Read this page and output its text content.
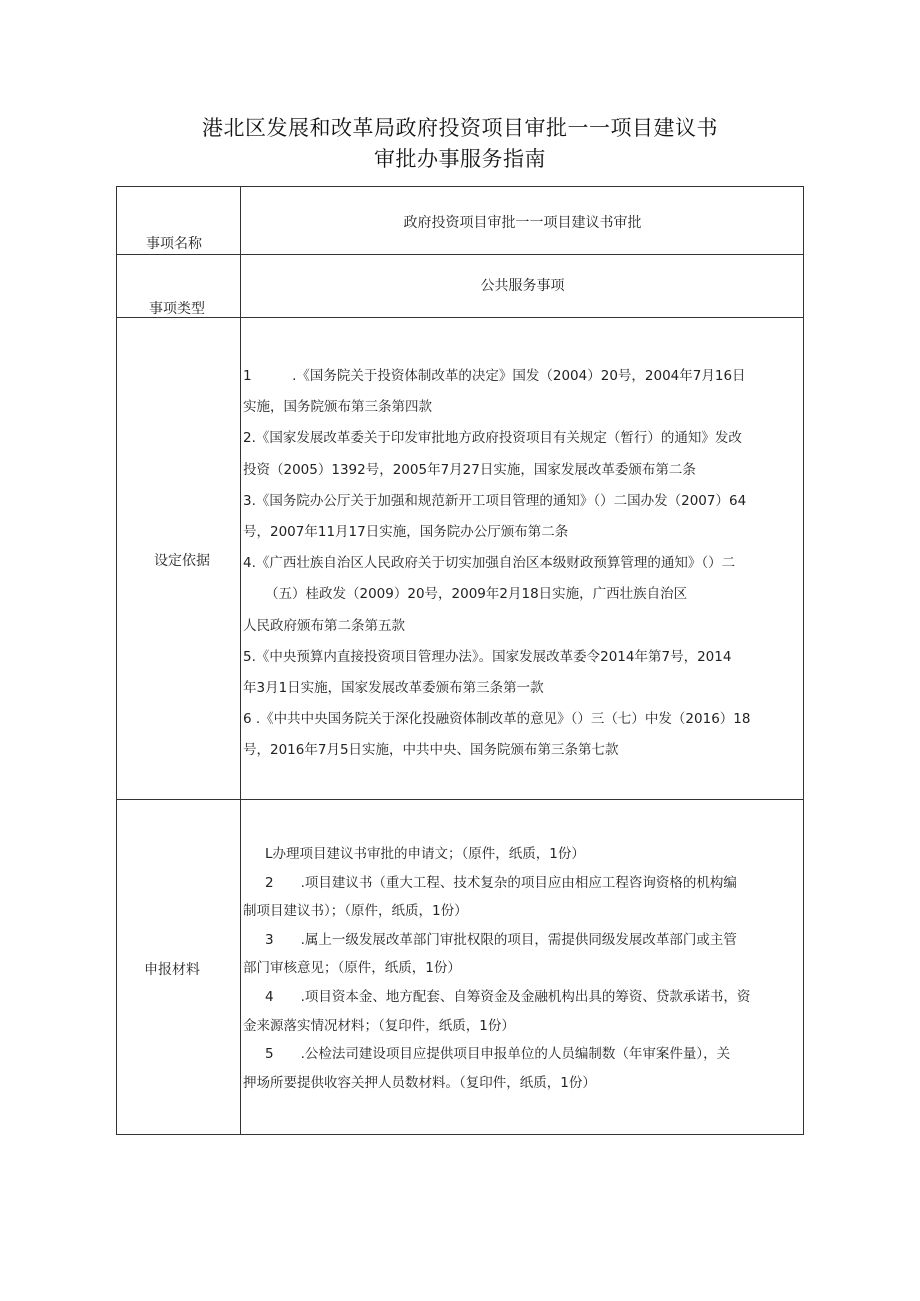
港北区发展和改革局政府投资项目审批一一项目建议书
审批办事服务指南
事项名称
政府投资项目审批一一项目建议书审批
事项类型
公共服务事项
设定依据

1　　　.《国务院关于投资体制改革的决定》国发（2004）20号，2004年7月16日

实施，国务院颁布第三条第四款

2.《国家发展改革委关于印发审批地方政府投资项目有关规定（暂行）的通知》发改

投资（2005）1392号，2005年7月27日实施，国家发展改革委颁布第二条

3.《国务院办公厅关于加强和规范新开工项目管理的通知》（）二国办发（2007）64

号，2007年11月17日实施，国务院办公厅颁布第二条

4.《广西壮族自治区人民政府关于切实加强自治区本级财政预算管理的通知》（）二

（五）桂政发（2009）20号，2009年2月18日实施，广西壮族自治区

人民政府颁布第二条第五款

5.《中央预算内直接投资项目管理办法》。国家发展改革委令2014年第7号，2014

年3月1日实施，国家发展改革委颁布第三条第一款

6 .《中共中央国务院关于深化投融资体制改革的意见》（）三（七）中发（2016）18

号，2016年7月5日实施，中共中央、国务院颁布第三条第七款

申报材料

L办理项目建议书审批的申请文；（原件，纸质，1份）

2　　.项目建议书（重大工程、技术复杂的项目应由相应工程咨询资格的机构编

制项目建议书）；（原件，纸质，1份）

3　　.属上一级发展改革部门审批权限的项目，需提供同级发展改革部门或主管

部门审核意见；（原件，纸质，1份）

4　　.项目资本金、地方配套、自筹资金及金融机构出具的筹资、贷款承诺书，资

金来源落实情况材料；（复印件，纸质，1份）

5　　.公检法司建设项目应提供项目申报单位的人员编制数（年审案件量），关

押场所要提供收容关押人员数材料。（复印件，纸质，1份）
